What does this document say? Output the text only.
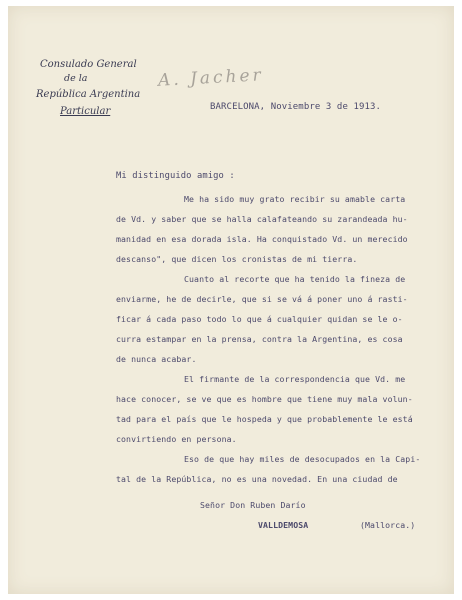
Consulado General
de la
República Argentina
Particular
A. Jacher
BARCELONA, Noviembre 3 de 1913.
Mi distinguido amigo :
Me ha sido muy grato recibir su amable carta
de Vd. y saber que se halla calafateando su zarandeada hu-
manidad en esa dorada isla. Ha conquistado Vd. un merecido
descanso", que dicen los cronistas de mi tierra.
Cuanto al recorte que ha tenido la fineza de
enviarme, he de decirle, que si se vá á poner uno á rasti-
ficar á cada paso todo lo que á cualquier quidan se le o-
curra estampar en la prensa, contra la Argentina, es cosa
de nunca acabar.
El firmante de la correspondencia que Vd. me
hace conocer, se ve que es hombre que tiene muy mala volun-
tad para el país que le hospeda y que probablemente le está
convirtiendo en persona.
Eso de que hay miles de desocupados en la Capi-
tal de la República, no es una novedad. En una ciudad de
Señor Don Ruben Darío
VALLDEMOSA	(Mallorca.)
